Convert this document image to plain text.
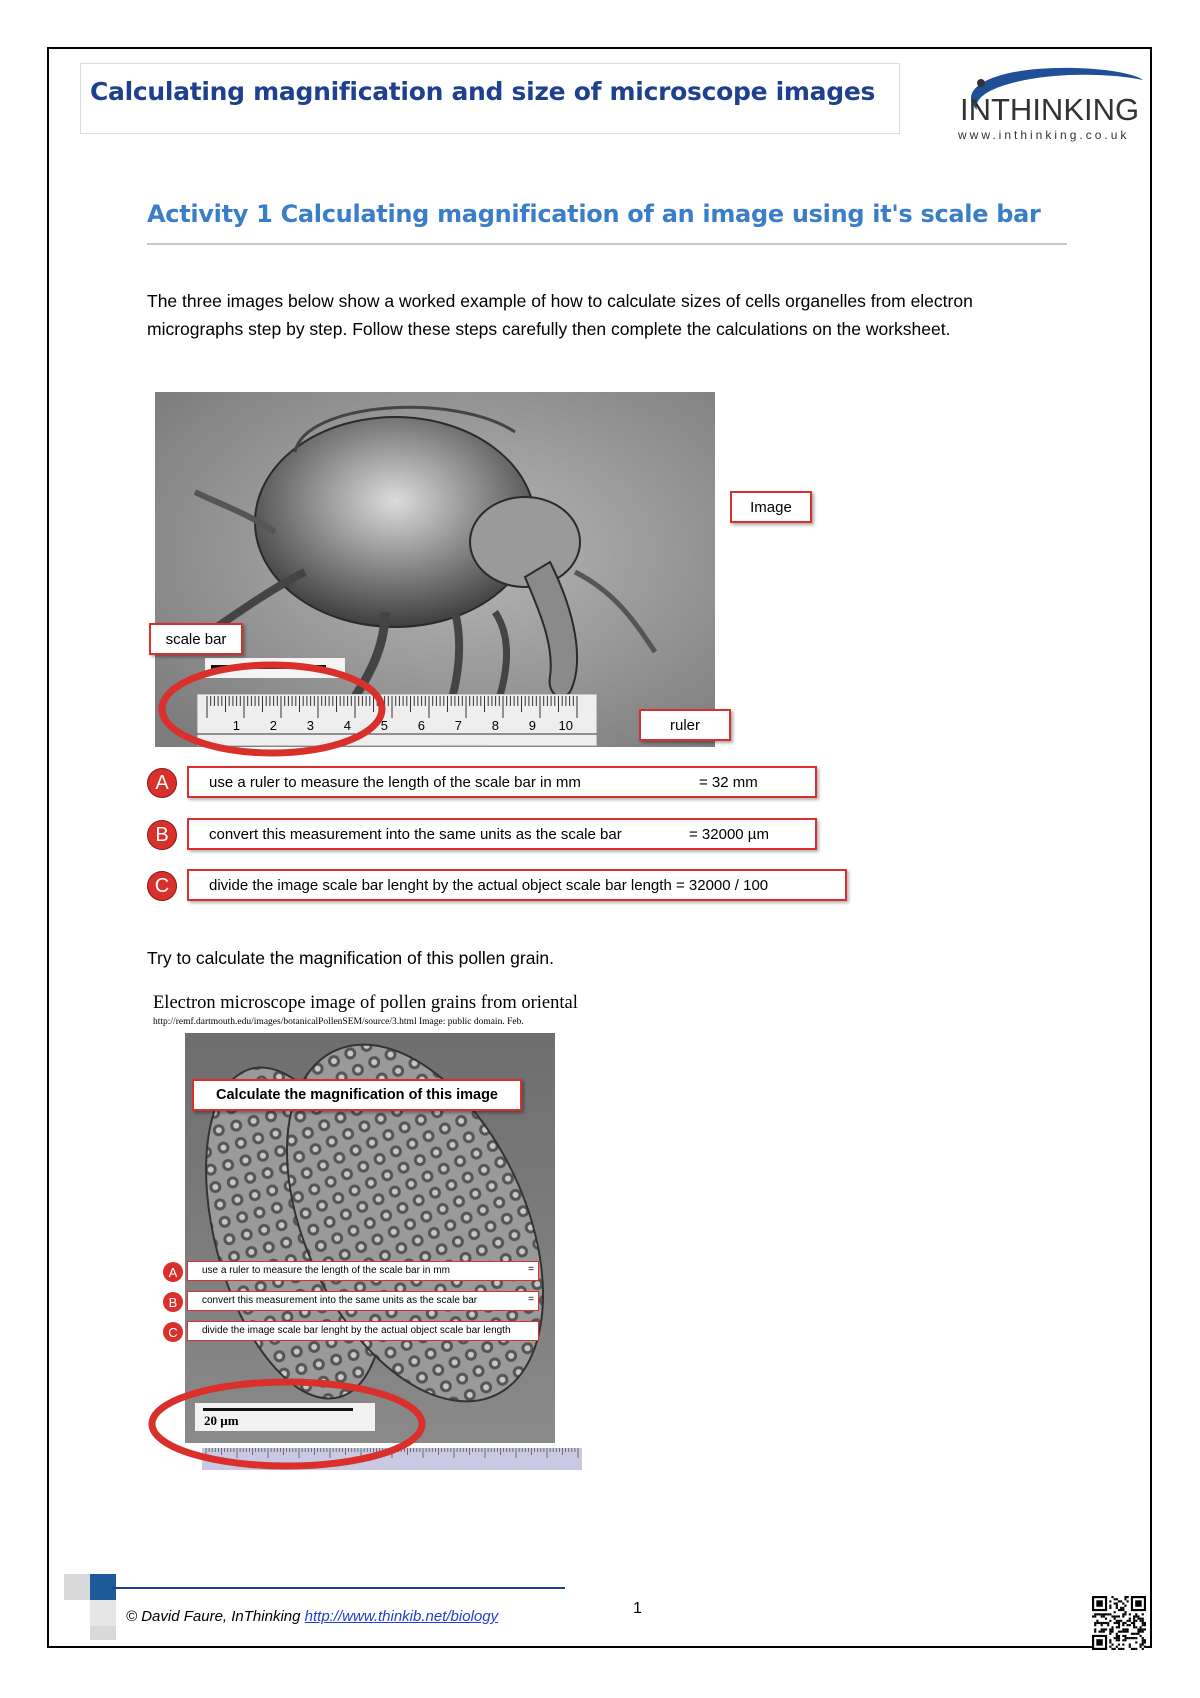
Calculating magnification and size of microscope images
INTHINKING
www.inthinking.co.uk
Activity 1 Calculating magnification of an image using it's scale bar
The three images below show a worked example of how to calculate sizes of cells organelles from electron micrographs step by step. Follow these steps carefully then complete the calculations on the worksheet.
1 2 3 4 5 6 7 8 9 10
Image
scale bar
ruler
A	use a ruler to measure the length of the scale bar in mm	= 32 mm
B	convert this measurement into the same units as the scale bar	= 32000 µm
C	divide the image scale bar lenght by the actual object scale bar length = 32000 / 100
Try to calculate the magnification of this pollen grain.
Electron microscope image of pollen grains from oriental
http://remf.dartmouth.edu/images/botanicalPollenSEM/source/3.html Image: public domain. Feb.
Calculate the magnification of this image
A	use a ruler to measure the length of the scale bar in mm	=
B	convert this measurement into the same units as the scale bar	=
C	divide the image scale bar lenght by the actual object scale bar length
20 µm
© David Faure, InThinking http://www.thinkib.net/biology	1
